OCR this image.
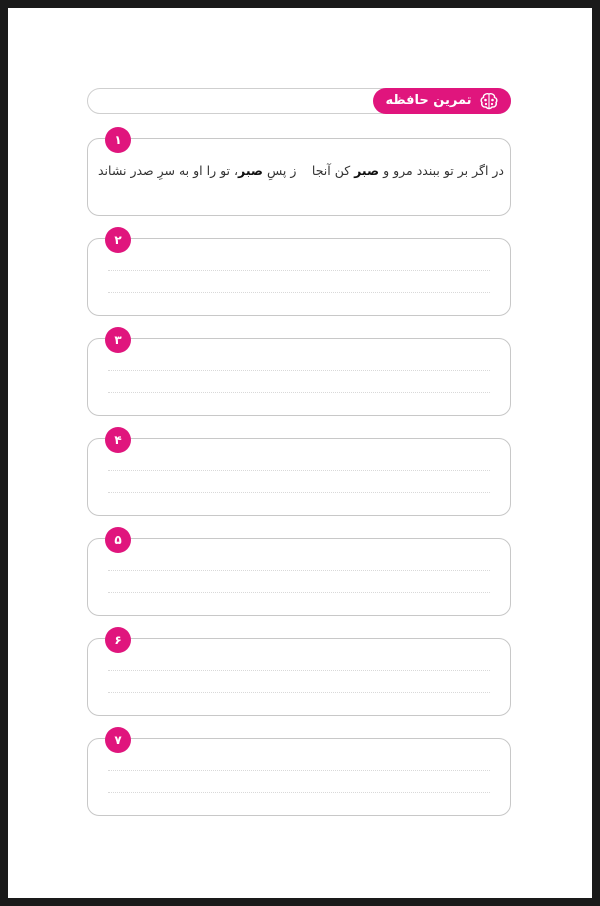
تمرین حافظه
۱
در اگر بر تو ببندد مرو و صبر کن آنجا
ز پسِ صبر، تو را او به سرِ صدر نشاند
۲
۳
۴
۵
۶
۷
